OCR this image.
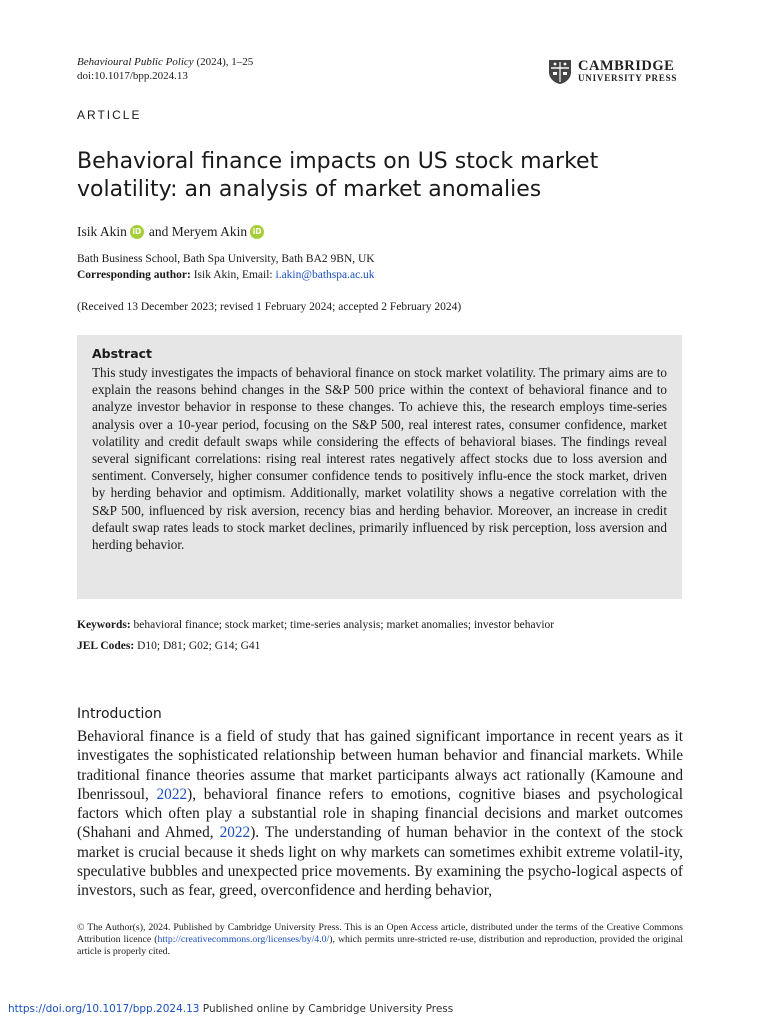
Behavioural Public Policy (2024), 1–25
doi:10.1017/bpp.2024.13
CAMBRIDGE
UNIVERSITY PRESS
ARTICLE
Behavioral finance impacts on US stock market volatility: an analysis of market anomalies
Isik Akin iD and
Meryem Akin iD
Bath Business School, Bath Spa University, Bath BA2 9BN, UK
Corresponding author: Isik Akin, Email: i.akin@bathspa.ac.uk
(Received 13 December 2023; revised 1 February 2024; accepted 2 February 2024)
Abstract
This study investigates the impacts of behavioral finance on stock market volatility. The primary aims are to explain the reasons behind changes in the S&P 500 price within the context of behavioral finance and to analyze investor behavior in response to these changes. To achieve this, the research employs time-series analysis over a 10-year period, focusing on the S&P 500, real interest rates, consumer confidence, market volatility and credit default swaps while considering the effects of behavioral biases. The findings reveal several significant correlations: rising real interest rates negatively affect stocks due to loss aversion and sentiment. Conversely, higher consumer confidence tends to positively influ-ence the stock market, driven by herding behavior and optimism. Additionally, market volatility shows a negative correlation with the S&P 500, influenced by risk aversion, recency bias and herding behavior. Moreover, an increase in credit default swap rates leads to stock market declines, primarily influenced by risk perception, loss aversion and herding behavior.
Keywords: behavioral finance; stock market; time-series analysis; market anomalies; investor behavior
JEL Codes: D10; D81; G02; G14; G41
Introduction
Behavioral finance is a field of study that has gained significant importance in recent years as it investigates the sophisticated relationship between human behavior and financial markets. While traditional finance theories assume that market participants always act rationally (Kamoune and Ibenrissoul, 2022), behavioral finance refers to emotions, cognitive biases and psychological factors which often play a substantial role in shaping financial decisions and market outcomes (Shahani and Ahmed, 2022). The understanding of human behavior in the context of the stock market is crucial because it sheds light on why markets can sometimes exhibit extreme volatil-ity, speculative bubbles and unexpected price movements. By examining the psycho-logical aspects of investors, such as fear, greed, overconfidence and herding behavior,
© The Author(s), 2024. Published by Cambridge University Press. This is an Open Access article, distributed under the terms of the Creative Commons Attribution licence (http://creativecommons.org/licenses/by/4.0/), which permits unre-stricted re-use, distribution and reproduction, provided the original article is properly cited.
https://doi.org/10.1017/bpp.2024.13 Published online by Cambridge University Press
